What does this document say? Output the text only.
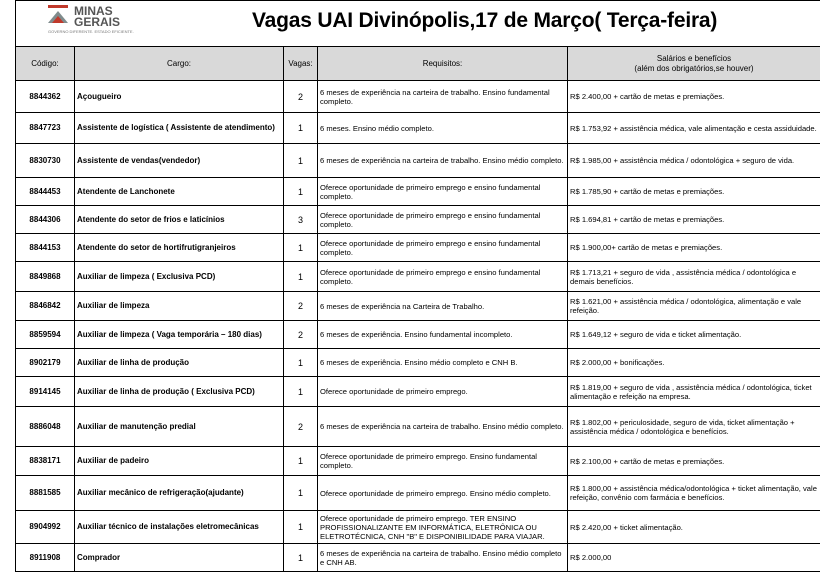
MINAS
GERAIS
GOVERNO DIFERENTE. ESTADO EFICIENTE.	Vagas UAI Divinópolis,17 de Março( Terça-feira)
Código:	Cargo:	Vagas:	Requisitos:	Salários e benefícios
(além dos obrigatórios,se houver)
8844362	Açougueiro	2	6 meses de experiência na carteira de trabalho. Ensino fundamental completo.	R$ 2.400,00 + cartão de metas e premiações.
8847723	Assistente de logística ( Assistente de atendimento)	1	6 meses. Ensino médio completo.	R$ 1.753,92 + assistência médica, vale alimentação e cesta assiduidade.
8830730	Assistente de vendas(vendedor)	1	6 meses de experiência na carteira de trabalho. Ensino médio completo.	R$ 1.985,00 + assistência médica / odontológica + seguro de vida.
8844453	Atendente de Lanchonete	1	Oferece oportunidade de primeiro emprego e ensino fundamental completo.	R$ 1.785,90 + cartão de metas e premiações.
8844306	Atendente do setor de frios e laticínios	3	Oferece oportunidade de primeiro emprego e ensino fundamental completo.	R$ 1.694,81 + cartão de metas e premiações.
8844153	Atendente do setor de hortifrutigranjeiros	1	Oferece oportunidade de primeiro emprego e ensino fundamental completo.	R$ 1.900,00+ cartão de metas e premiações.
8849868	Auxiliar de limpeza ( Exclusiva PCD)	1	Oferece oportunidade de primeiro emprego e ensino fundamental completo.	R$ 1.713,21 + seguro de vida , assistência médica / odontológica e demais benefícios.
8846842	Auxiliar de limpeza	2	6 meses de experiência na Carteira de Trabalho.	R$ 1.621,00 + assistência médica / odontológica, alimentação e vale refeição.
8859594	Auxiliar de limpeza ( Vaga temporária – 180 dias)	2	6 meses de experiência. Ensino fundamental incompleto.	R$ 1.649,12 + seguro de vida e ticket alimentação.
8902179	Auxiliar de linha de produção	1	6 meses de experiência. Ensino médio completo e CNH B.	R$ 2.000,00 + bonificações.
8914145	Auxiliar de linha de produção ( Exclusiva PCD)	1	Oferece oportunidade de primeiro emprego.	R$ 1.819,00 + seguro de vida , assistência médica / odontológica, ticket alimentação e refeição na empresa.
8886048	Auxiliar de manutenção predial	2	6 meses de experiência na carteira de trabalho. Ensino médio completo.	R$ 1.802,00 + periculosidade, seguro de vida, ticket alimentação + assistência médica / odontológica e benefícios.
8838171	Auxiliar de padeiro	1	Oferece oportunidade de primeiro emprego. Ensino fundamental completo.	R$ 2.100,00 + cartão de metas e premiações.
8881585	Auxiliar mecânico de refrigeração(ajudante)	1	Oferece oportunidade de primeiro emprego. Ensino médio completo.	R$ 1.800,00 + assistência médica/odontológica + ticket alimentação, vale refeição, convênio com farmácia e benefícios.
8904992	Auxiliar técnico de instalações eletromecânicas	1	Oferece oportunidade de primeiro emprego. TER ENSINO PROFISSIONALIZANTE EM INFORMÁTICA, ELETRÔNICA OU ELETROTÉCNICA, CNH "B" E DISPONIBILIDADE PARA VIAJAR.	R$ 2.420,00 + ticket alimentação.
8911908	Comprador	1	6 meses de experiência na carteira de trabalho. Ensino médio completo e CNH AB.	R$ 2.000,00
